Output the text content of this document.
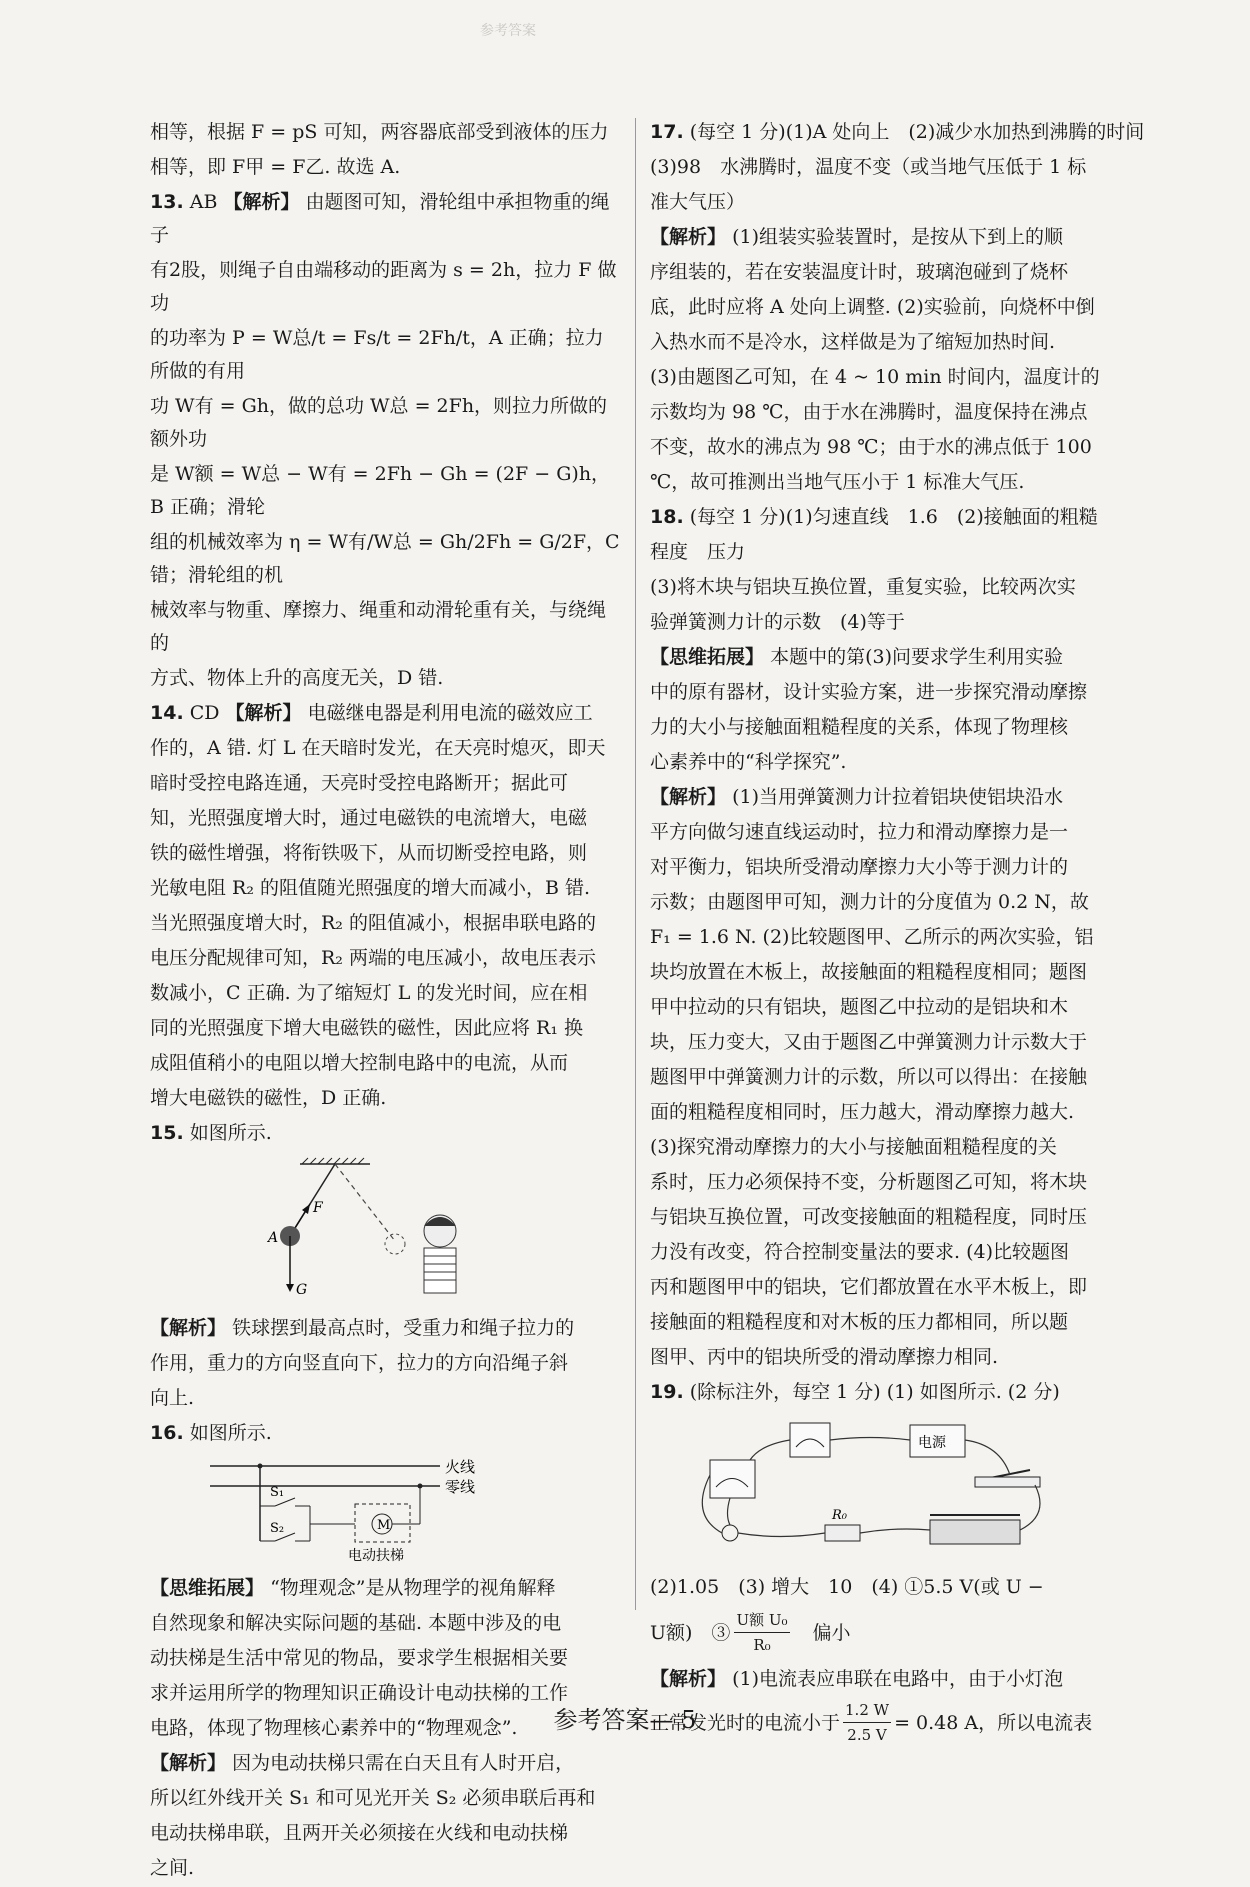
参考答案

相等，根据 F = pS 可知，两容器底部受到液体的压力

相等，即 F甲 = F乙. 故选 A.

13. AB 【解析】 由题图可知，滑轮组中承担物重的绳子

有2股，则绳子自由端移动的距离为 s = 2h，拉力 F 做功

的功率为 P = W总/t = Fs/t = 2Fh/t，A 正确；拉力所做的有用

功 W有 = Gh，做的总功 W总 = 2Fh，则拉力所做的额外功

是 W额 = W总 − W有 = 2Fh − Gh = (2F − G)h，B 正确；滑轮

组的机械效率为 η = W有/W总 = Gh/2Fh = G/2F，C 错；滑轮组的机

械效率与物重、摩擦力、绳重和动滑轮重有关，与绕绳的

方式、物体上升的高度无关，D 错.

14. CD 【解析】 电磁继电器是利用电流的磁效应工

作的，A 错. 灯 L 在天暗时发光，在天亮时熄灭，即天

暗时受控电路连通，天亮时受控电路断开；据此可

知，光照强度增大时，通过电磁铁的电流增大，电磁

铁的磁性增强，将衔铁吸下，从而切断受控电路，则

光敏电阻 R₂ 的阻值随光照强度的增大而减小，B 错.

当光照强度增大时，R₂ 的阻值减小，根据串联电路的

电压分配规律可知，R₂ 两端的电压减小，故电压表示

数减小，C 正确. 为了缩短灯 L 的发光时间，应在相

同的光照强度下增大电磁铁的磁性，因此应将 R₁ 换

成阻值稍小的电阻以增大控制电路中的电流，从而

增大电磁铁的磁性，D 正确.

15. 如图所示.

F
A
G

【解析】 铁球摆到最高点时，受重力和绳子拉力的

作用，重力的方向竖直向下，拉力的方向沿绳子斜

向上.

16. 如图所示.

火线
零线
S₁
S₂	M
电动扶梯

【思维拓展】 “物理观念”是从物理学的视角解释

自然现象和解决实际问题的基础. 本题中涉及的电

动扶梯是生活中常见的物品，要求学生根据相关要

求并运用所学的物理知识正确设计电动扶梯的工作

电路，体现了物理核心素养中的“物理观念”.

【解析】 因为电动扶梯只需在白天且有人时开启，

所以红外线开关 S₁ 和可见光开关 S₂ 必须串联后再和

电动扶梯串联，且两开关必须接在火线和电动扶梯

之间.

17. (每空 1 分)(1)A 处向上　(2)减少水加热到沸腾的时间

(3)98　水沸腾时，温度不变（或当地气压低于 1 标

准大气压）

【解析】 (1)组装实验装置时，是按从下到上的顺

序组装的，若在安装温度计时，玻璃泡碰到了烧杯

底，此时应将 A 处向上调整. (2)实验前，向烧杯中倒

入热水而不是冷水，这样做是为了缩短加热时间.

(3)由题图乙可知，在 4 ~ 10 min 时间内，温度计的

示数均为 98 ℃，由于水在沸腾时，温度保持在沸点

不变，故水的沸点为 98 ℃；由于水的沸点低于 100

℃，故可推测出当地气压小于 1 标准大气压.

18. (每空 1 分)(1)匀速直线　1.6　(2)接触面的粗糙

程度　压力

(3)将木块与铝块互换位置，重复实验，比较两次实

验弹簧测力计的示数　(4)等于

【思维拓展】 本题中的第(3)问要求学生利用实验

中的原有器材，设计实验方案，进一步探究滑动摩擦

力的大小与接触面粗糙程度的关系，体现了物理核

心素养中的“科学探究”.

【解析】 (1)当用弹簧测力计拉着铝块使铝块沿水

平方向做匀速直线运动时，拉力和滑动摩擦力是一

对平衡力，铝块所受滑动摩擦力大小等于测力计的

示数；由题图甲可知，测力计的分度值为 0.2 N，故

F₁ = 1.6 N. (2)比较题图甲、乙所示的两次实验，铝

块均放置在木板上，故接触面的粗糙程度相同；题图

甲中拉动的只有铝块，题图乙中拉动的是铝块和木

块，压力变大，又由于题图乙中弹簧测力计示数大于

题图甲中弹簧测力计的示数，所以可以得出：在接触

面的粗糙程度相同时，压力越大，滑动摩擦力越大.

(3)探究滑动摩擦力的大小与接触面粗糙程度的关

系时，压力必须保持不变，分析题图乙可知，将木块

与铝块互换位置，可改变接触面的粗糙程度，同时压

力没有改变，符合控制变量法的要求. (4)比较题图

丙和题图甲中的铝块，它们都放置在水平木板上，即

接触面的粗糙程度和对木板的压力都相同，所以题

图甲、丙中的铝块所受的滑动摩擦力相同.

19. (除标注外，每空 1 分) (1) 如图所示. (2 分)

电源
R₀

(2)1.05　(3) 增大　10　(4) ①5.5 V(或 U −

U额)　③
U额 U₀
R₀
　偏小

【解析】 (1)电流表应串联在电路中，由于小灯泡

正常发光时的电流小于 $\frac{1.2 W}{2.5 V} = 0.48$ A，所以电流表

参考答案— 5
